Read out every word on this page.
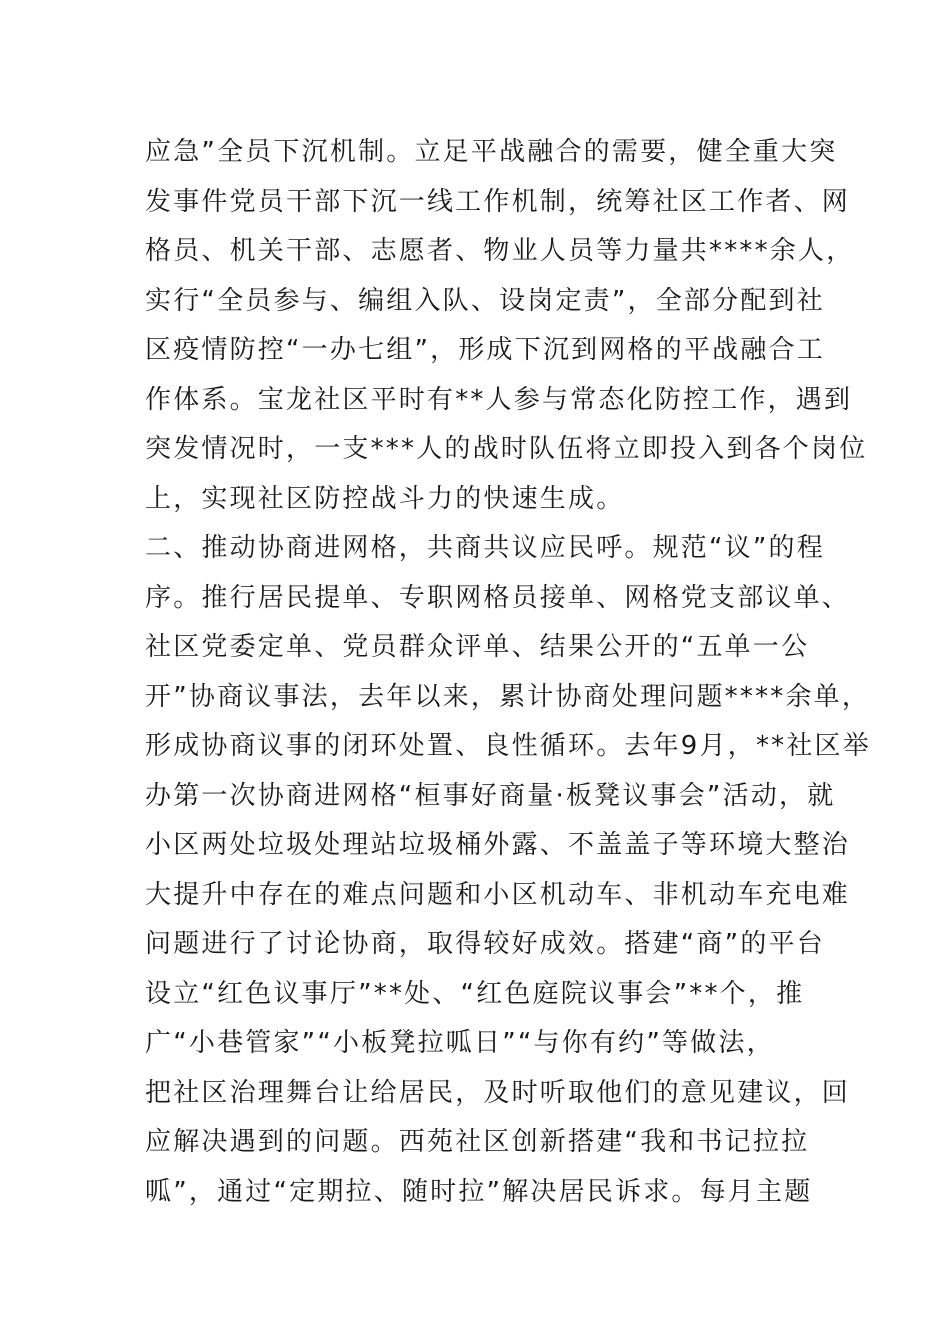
应急”全员下沉机制。立足平战融合的需要，健全重大突
发事件党员干部下沉一线工作机制，统筹社区工作者、网
格员、机关干部、志愿者、物业人员等力量共****余人，
实行“全员参与、编组入队、设岗定责”，全部分配到社
区疫情防控“一办七组”，形成下沉到网格的平战融合工
作体系。宝龙社区平时有**人参与常态化防控工作，遇到
突发情况时，一支***人的战时队伍将立即投入到各个岗位
上，实现社区防控战斗力的快速生成。
二、推动协商进网格，共商共议应民呼。规范“议”的程
序。推行居民提单、专职网格员接单、网格党支部议单、
社区党委定单、党员群众评单、结果公开的“五单一公
开”协商议事法，去年以来，累计协商处理问题****余单，
形成协商议事的闭环处置、良性循环。去年9月，**社区举
办第一次协商进网格“桓事好商量·板凳议事会”活动，就
小区两处垃圾处理站垃圾桶外露、不盖盖子等环境大整治
大提升中存在的难点问题和小区机动车、非机动车充电难
问题进行了讨论协商，取得较好成效。搭建“商”的平台
设立“红色议事厅”**处、“红色庭院议事会”**个，推
广“小巷管家”“小板凳拉呱日”“与你有约”等做法，
把社区治理舞台让给居民，及时听取他们的意见建议，回
应解决遇到的问题。西苑社区创新搭建“我和书记拉拉
呱”，通过“定期拉、随时拉”解决居民诉求。每月主题
